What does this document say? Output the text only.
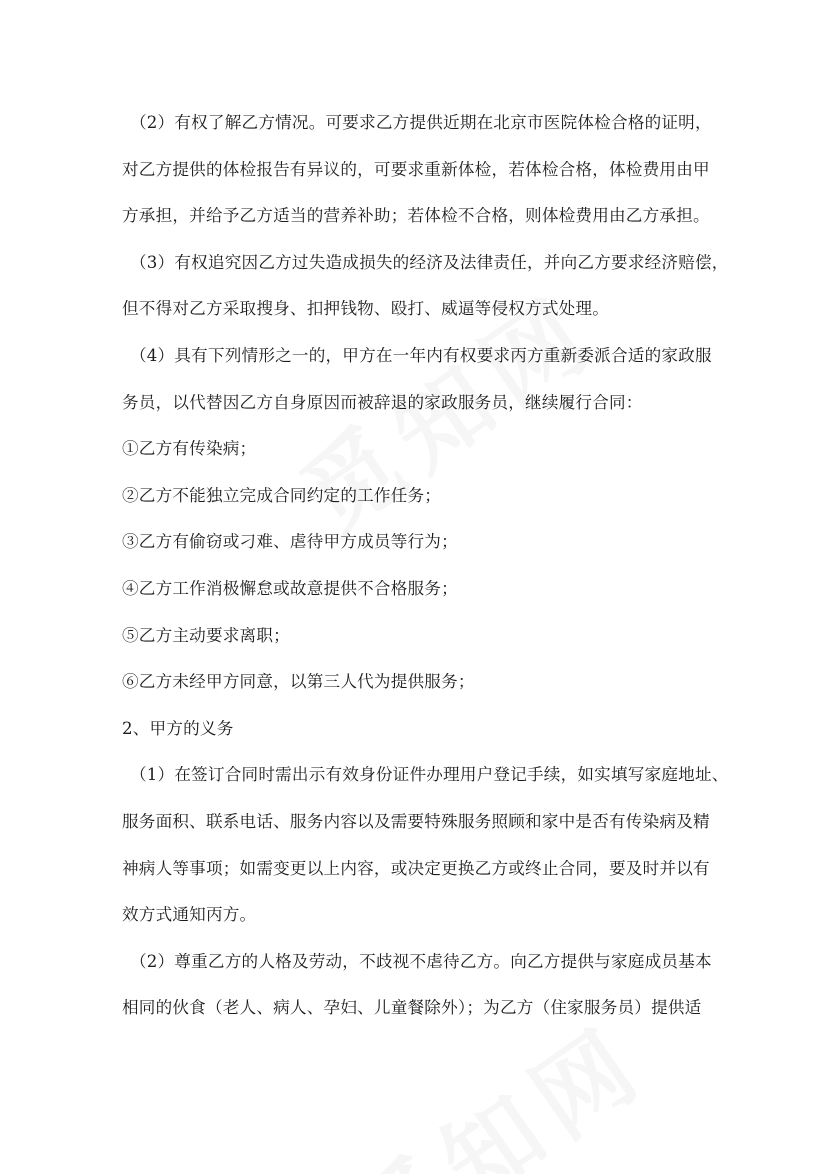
（2）有权了解乙方情况。可要求乙方提供近期在北京市医院体检合格的证明，
对乙方提供的体检报告有异议的，可要求重新体检，若体检合格，体检费用由甲
方承担，并给予乙方适当的营养补助；若体检不合格，则体检费用由乙方承担。
（3）有权追究因乙方过失造成损失的经济及法律责任，并向乙方要求经济赔偿，
但不得对乙方采取搜身、扣押钱物、殴打、威逼等侵权方式处理。
（4）具有下列情形之一的，甲方在一年内有权要求丙方重新委派合适的家政服
务员，以代替因乙方自身原因而被辞退的家政服务员，继续履行合同：
①乙方有传染病；
②乙方不能独立完成合同约定的工作任务；
③乙方有偷窃或刁难、虐待甲方成员等行为；
④乙方工作消极懈怠或故意提供不合格服务；
⑤乙方主动要求离职；
⑥乙方未经甲方同意，以第三人代为提供服务；
2、甲方的义务
（1）在签订合同时需出示有效身份证件办理用户登记手续，如实填写家庭地址、
服务面积、联系电话、服务内容以及需要特殊服务照顾和家中是否有传染病及精
神病人等事项；如需变更以上内容，或决定更换乙方或终止合同，要及时并以有
效方式通知丙方。
（2）尊重乙方的人格及劳动，不歧视不虐待乙方。向乙方提供与家庭成员基本
相同的伙食（老人、病人、孕妇、儿童餐除外）；为乙方（住家服务员）提供适
